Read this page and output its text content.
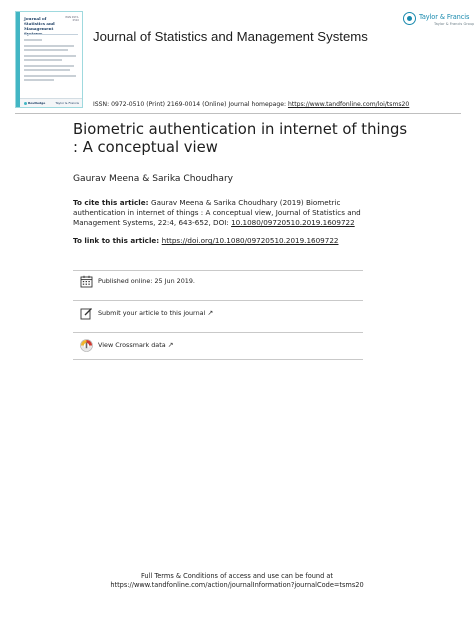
Journal of
Statistics and
Management
ISSN 0972-0510
Routledge	Taylor & Francis
Journal of Statistics and Management Systems
Taylor & Francis
Taylor & Francis Group
ISSN: 0972-0510 (Print) 2169-0014 (Online) Journal homepage: https://www.tandfonline.com/loi/tsms20
Biometric authentication in internet of things : A conceptual view
Gaurav Meena & Sarika Choudhary
To cite this article: Gaurav Meena & Sarika Choudhary (2019) Biometric authentication in internet of things : A conceptual view, Journal of Statistics and Management Systems, 22:4, 643-652, DOI: 10.1080/09720510.2019.1609722
To link to this article: https://doi.org/10.1080/09720510.2019.1609722
Published online: 25 Jun 2019.
Submit your article to this journal ↗
View Crossmark data ↗
Full Terms & Conditions of access and use can be found at
https://www.tandfonline.com/action/journalInformation?journalCode=tsms20
